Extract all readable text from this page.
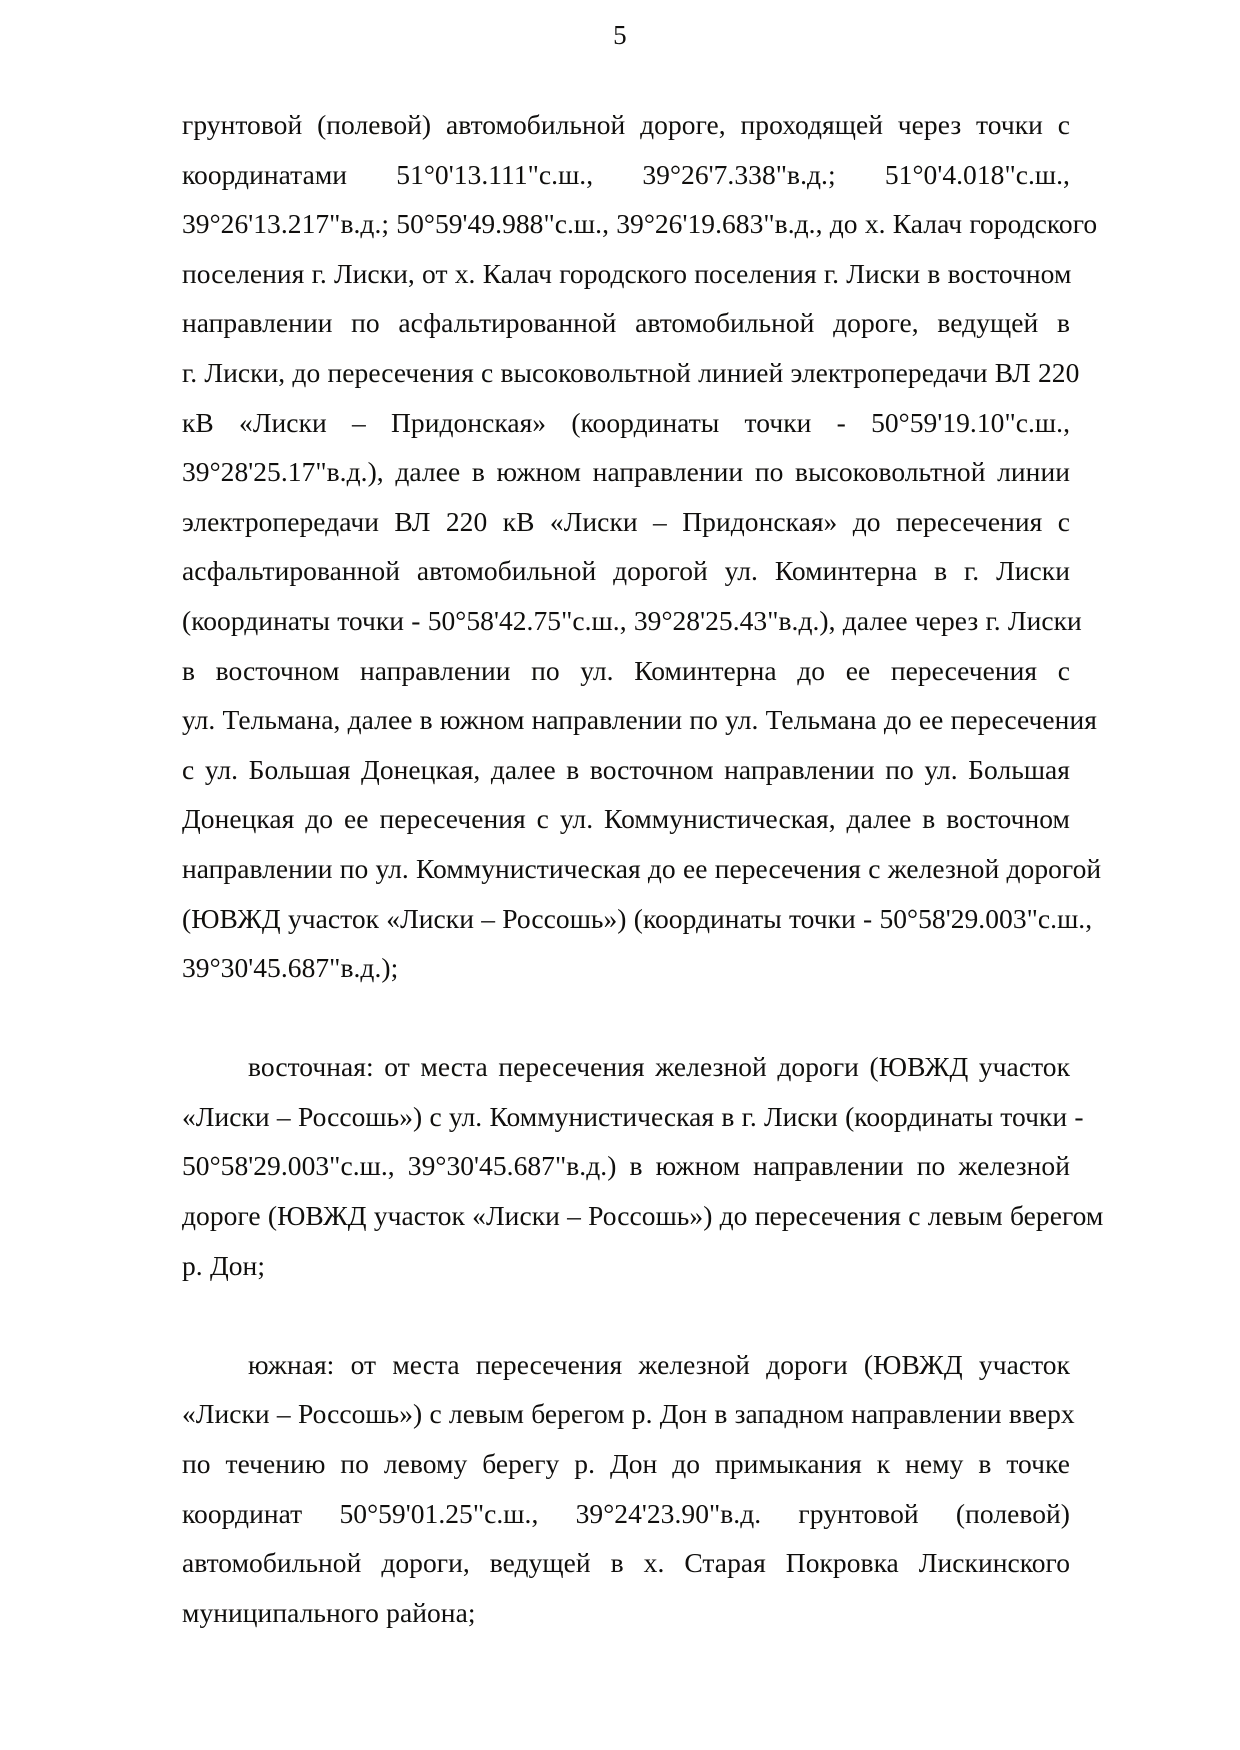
5

грунтовой (полевой) автомобильной дороге, проходящей через точки с
координатами 51°0'13.111"с.ш., 39°26'7.338"в.д.; 51°0'4.018"с.ш.,
39°26'13.217"в.д.; 50°59'49.988"с.ш., 39°26'19.683"в.д., до х. Калач городского
поселения г. Лиски, от х. Калач городского поселения г. Лиски в восточном
направлении по асфальтированной автомобильной дороге, ведущей в
г. Лиски, до пересечения с высоковольтной линией электропередачи ВЛ 220
кВ «Лиски – Придонская» (координаты точки - 50°59'19.10"с.ш.,
39°28'25.17"в.д.), далее в южном направлении по высоковольтной линии
электропередачи ВЛ 220 кВ «Лиски – Придонская» до пересечения с
асфальтированной автомобильной дорогой ул. Коминтерна в г. Лиски
(координаты точки - 50°58'42.75"с.ш., 39°28'25.43"в.д.), далее через г. Лиски
в восточном направлении по ул. Коминтерна до ее пересечения с
ул. Тельмана, далее в южном направлении по ул. Тельмана до ее пересечения
с ул. Большая Донецкая, далее в восточном направлении по ул. Большая
Донецкая до ее пересечения с ул. Коммунистическая, далее в восточном
направлении по ул. Коммунистическая до ее пересечения с железной дорогой
(ЮВЖД участок «Лиски – Россошь») (координаты точки - 50°58'29.003"с.ш.,
39°30'45.687"в.д.);

восточная: от места пересечения железной дороги (ЮВЖД участок
«Лиски – Россошь») с ул. Коммунистическая в г. Лиски (координаты точки -
50°58'29.003"с.ш., 39°30'45.687"в.д.) в южном направлении по железной
дороге (ЮВЖД участок «Лиски – Россошь») до пересечения с левым берегом
р. Дон;

южная: от места пересечения железной дороги (ЮВЖД участок
«Лиски – Россошь») с левым берегом р. Дон в западном направлении вверх
по течению по левому берегу р. Дон до примыкания к нему в точке
координат 50°59'01.25"с.ш., 39°24'23.90"в.д. грунтовой (полевой)
автомобильной дороги, ведущей в х. Старая Покровка Лискинского
муниципального района;
